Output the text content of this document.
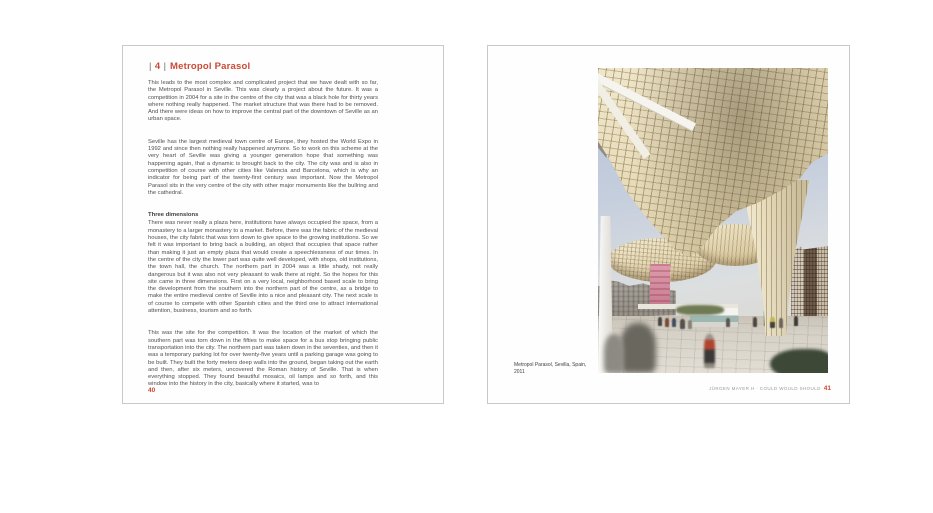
| 4 | Metropol Parasol

This leads to the most complex and complicated project that we have dealt with so far, the Metropol Parasol in Seville. This was clearly a project about the future. It was a competition in 2004 for a site in the centre of the city that was a black hole for thirty years where nothing really happened. The market structure that was there had to be removed. And there were ideas on how to improve the central part of the downtown of Seville as an urban space.

Seville has the largest medieval town centre of Europe, they hosted the World Expo in 1992 and since then nothing really happened anymore. So to work on this scheme at the very heart of Seville was giving a younger generation hope that something was happening again, that a dynamic is brought back to the city. The city was and is also in competition of course with other cities like Valencia and Barcelona, which is why an indicator for being part of the twenty-first century was important. Now the Metropol Parasol sits in the very centre of the city with other major monuments like the bullring and the cathedral.

Three dimensions

There was never really a plaza here, institutions have always occupied the space, from a monastery to a larger monastery to a market. Before, there was the fabric of the medieval houses, the city fabric that was torn down to give space to the growing institutions. So we felt it was important to bring back a building, an object that occupies that space rather than making it just an empty plaza that would create a speechlessness of our times. In the centre of the city the lower part was quite well developed, with shops, old institutions, the town hall, the church. The northern part in 2004 was a little shady, not really dangerous but it was also not very pleasant to walk there at night. So the hopes for this site came in three dimensions. First on a very local, neighborhood based scale to bring the development from the southern into the northern part of the centre, as a bridge to make the entire medieval centre of Seville into a nice and pleasant city. The next scale is of course to compete with other Spanish cities and the third one to attract international attention, business, tourism and so forth.

This was the site for the competition. It was the location of the market of which the southern part was torn down in the fifties to make space for a bus stop bringing public transportation into the city. The northern part was taken down in the seventies, and then it was a temporary parking lot for over twenty-five years until a parking garage was going to be built. They built the forty meters deep walls into the ground, began taking out the earth and then, after six meters, uncovered the Roman history of Seville. That is when everything stopped. They found beautiful mosaics, oil lamps and so forth, and this window into the history in the city, basically where it started, was to

40
Metropol Parasol, Sevilla, Spain,
2011
JÜRGEN MAYER H · COULD WOULD SHOULD 41
